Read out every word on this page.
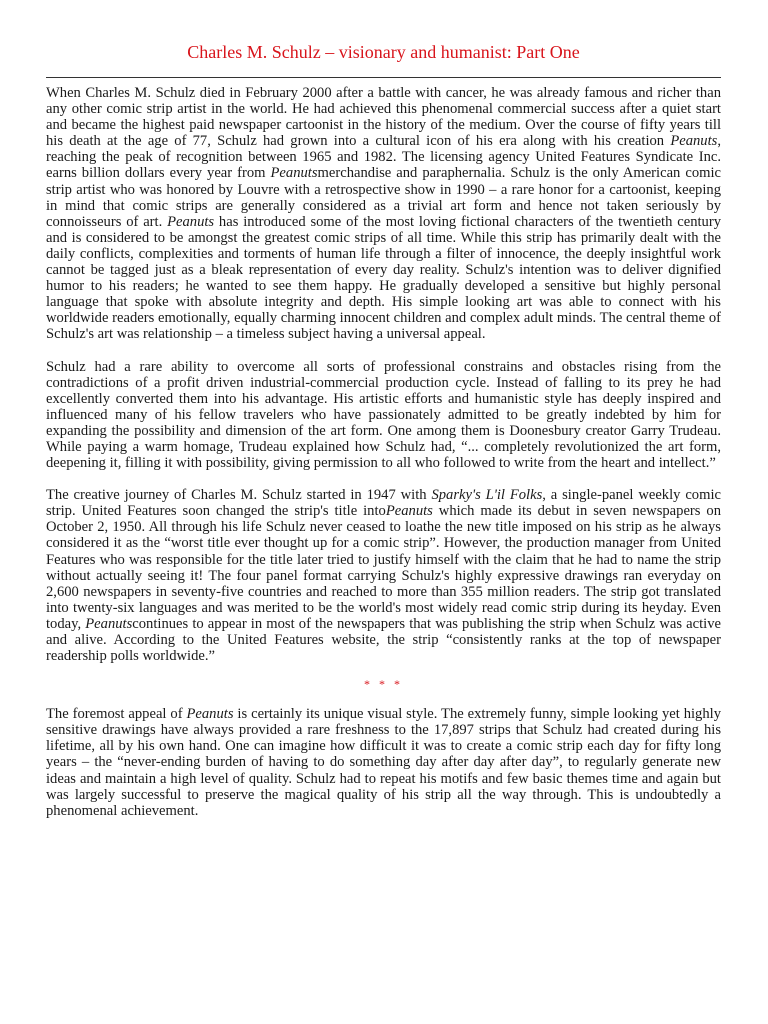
Charles M. Schulz – visionary and humanist: Part One

When Charles M. Schulz died in February 2000 after a battle with cancer, he was already famous and richer than any other comic strip artist in the world. He had achieved this phenomenal commercial success after a quiet start and became the highest paid newspaper cartoonist in the history of the medium. Over the course of fifty years till his death at the age of 77, Schulz had grown into a cultural icon of his era along with his creation Peanuts, reaching the peak of recognition between 1965 and 1982. The licensing agency United Features Syndicate Inc. earns billion dollars every year from Peanutsmerchandise and paraphernalia. Schulz is the only American comic strip artist who was honored by Louvre with a retrospective show in 1990 – a rare honor for a cartoonist, keeping in mind that comic strips are generally considered as a trivial art form and hence not taken seriously by connoisseurs of art. Peanuts has introduced some of the most loving fictional characters of the twentieth century and is considered to be amongst the greatest comic strips of all time. While this strip has primarily dealt with the daily conflicts, complexities and torments of human life through a filter of innocence, the deeply insightful work cannot be tagged just as a bleak representation of every day reality. Schulz's intention was to deliver dignified humor to his readers; he wanted to see them happy. He gradually developed a sensitive but highly personal language that spoke with absolute integrity and depth. His simple looking art was able to connect with his worldwide readers emotionally, equally charming innocent children and complex adult minds. The central theme of Schulz's art was relationship – a timeless subject having a universal appeal.

Schulz had a rare ability to overcome all sorts of professional constrains and obstacles rising from the contradictions of a profit driven industrial-commercial production cycle. Instead of falling to its prey he had excellently converted them into his advantage. His artistic efforts and humanistic style has deeply inspired and influenced many of his fellow travelers who have passionately admitted to be greatly indebted by him for expanding the possibility and dimension of the art form. One among them is Doonesbury creator Garry Trudeau. While paying a warm homage, Trudeau explained how Schulz had, “... completely revolutionized the art form, deepening it, filling it with possibility, giving permission to all who followed to write from the heart and intellect.”

The creative journey of Charles M. Schulz started in 1947 with Sparky's L'il Folks, a single-panel weekly comic strip. United Features soon changed the strip's title intoPeanuts which made its debut in seven newspapers on October 2, 1950. All through his life Schulz never ceased to loathe the new title imposed on his strip as he always considered it as the “worst title ever thought up for a comic strip”. However, the production manager from United Features who was responsible for the title later tried to justify himself with the claim that he had to name the strip without actually seeing it! The four panel format carrying Schulz's highly expressive drawings ran everyday on 2,600 newspapers in seventy-five countries and reached to more than 355 million readers. The strip got translated into twenty-six languages and was merited to be the world's most widely read comic strip during its heyday. Even today, Peanutscontinues to appear in most of the newspapers that was publishing the strip when Schulz was active and alive. According to the United Features website, the strip “consistently ranks at the top of newspaper readership polls worldwide.”

* * *

The foremost appeal of Peanuts is certainly its unique visual style. The extremely funny, simple looking yet highly sensitive drawings have always provided a rare freshness to the 17,897 strips that Schulz had created during his lifetime, all by his own hand. One can imagine how difficult it was to create a comic strip each day for fifty long years – the “never-ending burden of having to do something day after day after day”, to regularly generate new ideas and maintain a high level of quality. Schulz had to repeat his motifs and few basic themes time and again but was largely successful to preserve the magical quality of his strip all the way through. This is undoubtedly a phenomenal achievement.
